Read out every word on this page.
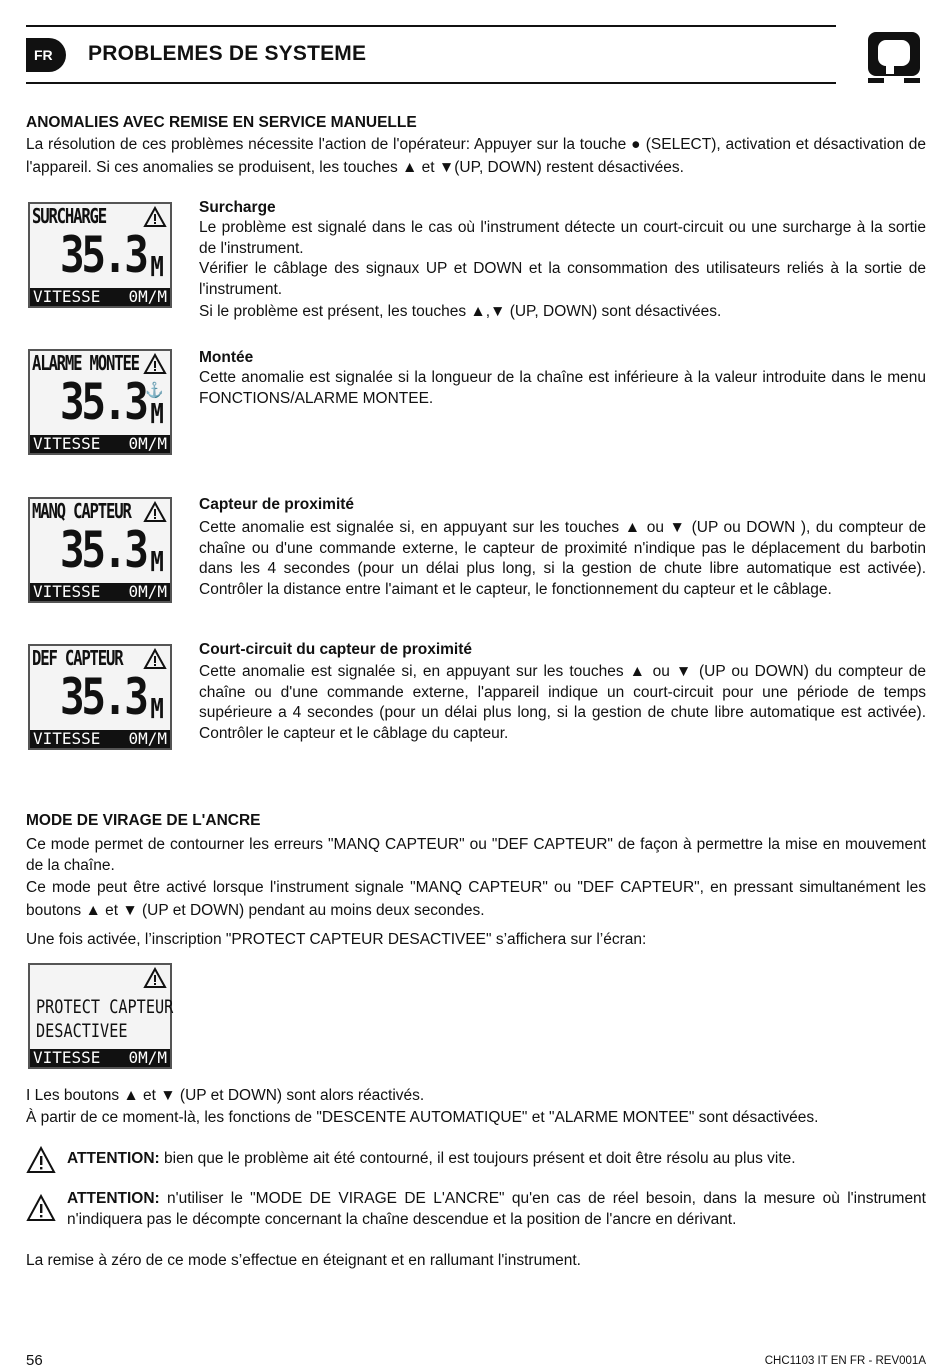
FR	PROBLEMES DE SYSTEME
ANOMALIES AVEC REMISE EN SERVICE MANUELLE
La résolution de ces problèmes nécessite l'action de l'opérateur: Appuyer sur la touche ● (SELECT), activation et désactivation de l'appareil. Si ces anomalies se produisent, les touches ▲ et ▼(UP, DOWN) restent désactivées.
SURCHARGE
35.3 M
VITESSE 0M/M
Surcharge
Le problème est signalé dans le cas où l'instrument détecte un court-circuit ou une surcharge à la sortie de l'instrument.
Vérifier le câblage des signaux UP et DOWN et la consommation des utilisateurs reliés à la sortie de l'instrument.
Si le problème est présent, les touches ▲,▼ (UP, DOWN) sont désactivées.
ALARME MONTEE
⚓
35.3 M
VITESSE 0M/M
Montée
Cette anomalie est signalée si la longueur de la chaîne est inférieure à la valeur introduite dans le menu FONCTIONS/ALARME MONTEE.
MANQ CAPTEUR
35.3 M
VITESSE 0M/M
Capteur de proximité
Cette anomalie est signalée si, en appuyant sur les touches ▲ ou ▼ (UP ou DOWN ), du compteur de chaîne ou d'une commande externe, le capteur de proximité n'indique pas le déplacement du barbotin dans les 4 secondes (pour un délai plus long, si la gestion de chute libre automatique est activée). Contrôler la distance entre l'aimant et le capteur, le fonctionnement du capteur et le câblage.
DEF CAPTEUR
35.3 M
VITESSE 0M/M
Court-circuit du capteur de proximité
Cette anomalie est signalée si, en appuyant sur les touches ▲ ou ▼ (UP ou DOWN) du compteur de chaîne ou d'une commande externe, l'appareil indique un court-circuit pour une période de temps supérieure a 4 secondes (pour un délai plus long, si la gestion de chute libre automatique est activée). Contrôler le capteur et le câblage du capteur.
MODE DE VIRAGE DE L'ANCRE
Ce mode permet de contourner les erreurs "MANQ CAPTEUR" ou "DEF CAPTEUR" de façon à permettre la mise en mouvement de la chaîne.
Ce mode peut être activé lorsque l'instrument signale "MANQ CAPTEUR" ou "DEF CAPTEUR", en pressant simultanément les boutons ▲ et ▼ (UP et DOWN) pendant au moins deux secondes.
Une fois activée, l’inscription "PROTECT CAPTEUR DESACTIVEE" s’affichera sur l’écran:
PROTECT CAPTEUR
DESACTIVEE
VITESSE 0M/M
I Les boutons ▲ et ▼ (UP et DOWN) sont alors réactivés.
À partir de ce moment-là, les fonctions de "DESCENTE AUTOMATIQUE" et "ALARME MONTEE" sont désactivées.
ATTENTION: bien que le problème ait été contourné, il est toujours présent et doit être résolu au plus vite.
ATTENTION: n'utiliser le "MODE DE VIRAGE DE L'ANCRE" qu'en cas de réel besoin, dans la mesure où l'instrument n'indiquera pas le décompte concernant la chaîne descendue et la position de l'ancre en dérivant.
La remise à zéro de ce mode s’effectue en éteignant et en rallumant l'instrument.
56	CHC1103 IT EN FR - REV001A
